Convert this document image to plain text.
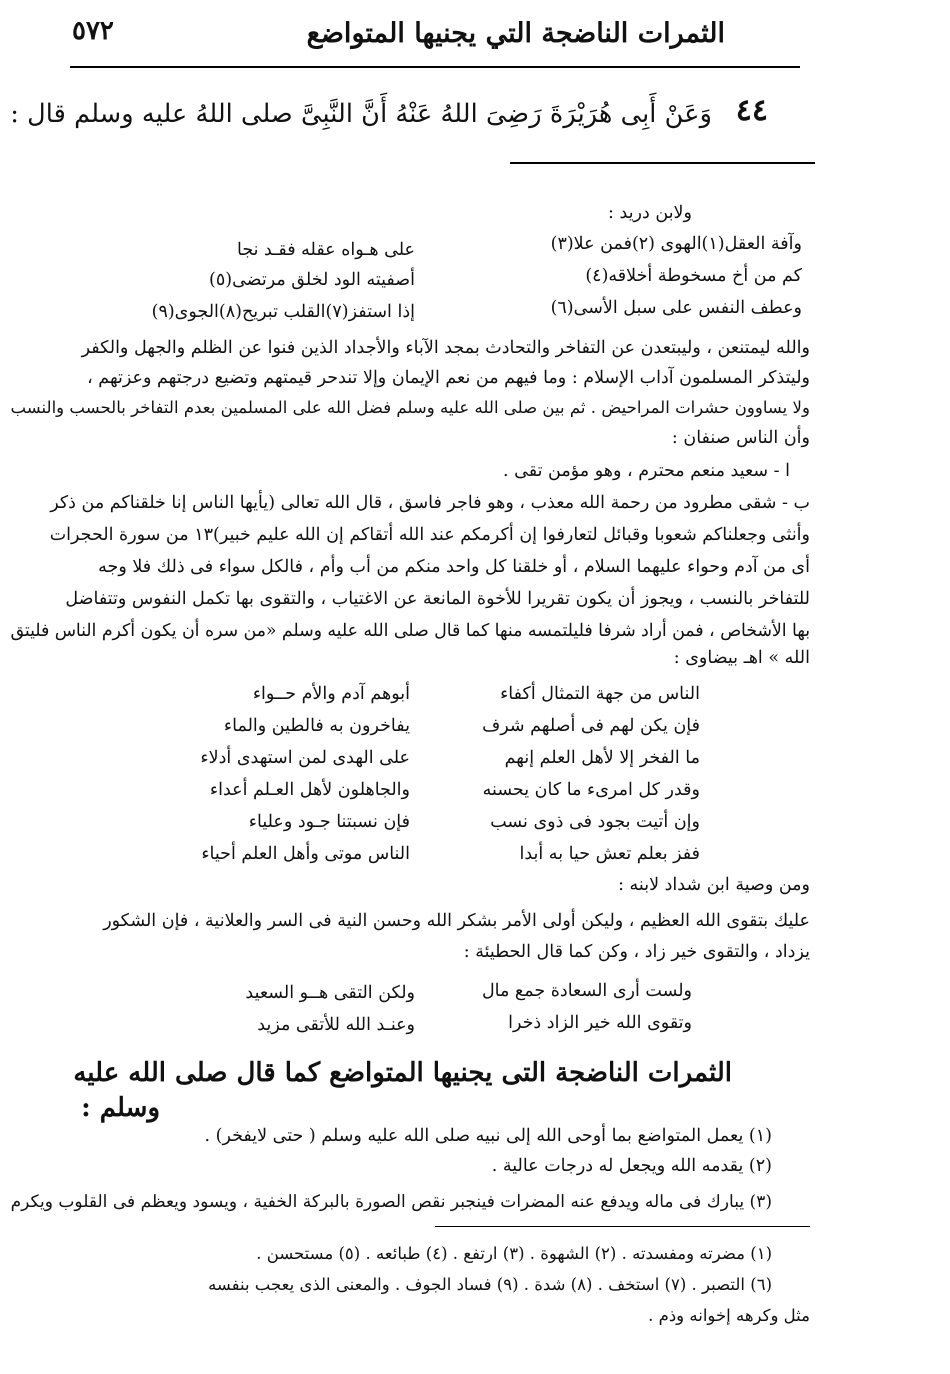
الثمرات الناضجة التي يجنيها المتواضع
٥٧٢
٤٤
وَعَنْ أَبِى هُرَيْرَةَ رَضِىَ اللهُ عَنْهُ أَنَّ النَّبِىَّ صلى اللهُ عليه وسلم قال :
ولابن دريد :
وآفة العقل(١)الهوى (٢)فمن علا(٣)
على هـواه عقله فقـد نجا
كم من أخ مسخوطة أخلاقه(٤)
أصفيته الود لخلق مرتضى(٥)
وعطف النفس على سبل الأسى(٦)
إذا استفز(٧)القلب تبريح(٨)الجوى(٩)
والله ليمتنعن ، وليبتعدن عن التفاخر والتحادث بمجد الآباء والأجداد الذين فنوا عن الظلم والجهل والكفر
وليتذكر المسلمون آداب الإسلام : وما فيهم من نعم الإيمان وإلا تندحر قيمتهم وتضيع درجتهم وعزتهم ،
ولا يساوون حشرات المراحيض . ثم بين صلى الله عليه وسلم فضل الله على المسلمين بعدم التفاخر بالحسب والنسب
وأن الناس صنفان :
ا - سعيد منعم محترم ، وهو مؤمن تقى .
ب - شقى مطرود من رحمة الله معذب ، وهو فاجر فاسق ، قال الله تعالى (يأيها الناس إنا خلقناكم من ذكر
وأنثى وجعلناكم شعوبا وقبائل لتعارفوا إن أكرمكم عند الله أتقاكم إن الله عليم خبير)١٣ من سورة الحجرات
أى من آدم وحواء عليهما السلام ، أو خلقنا كل واحد منكم من أب وأم ، فالكل سواء فى ذلك فلا وجه
للتفاخر بالنسب ، ويجوز أن يكون تقريرا للأخوة المانعة عن الاغتياب ، والتقوى بها تكمل النفوس وتتفاضل
بها الأشخاص ، فمن أراد شرفا فليلتمسه منها كما قال صلى الله عليه وسلم «من سره أن يكون أكرم الناس فليتق
الله » اهـ بيضاوى :
الناس من جهة التمثال أكفاء
أبوهم آدم والأم حــواء
فإن يكن لهم فى أصلهم شرف
يفاخرون به فالطين والماء
ما الفخر إلا لأهل العلم إنهم
على الهدى لمن استهدى أدلاء
وقدر كل امرىء ما كان يحسنه
والجاهلون لأهل العـلم أعداء
وإن أتيت بجود فى ذوى نسب
فإن نسبتنا جـود وعلياء
ففز بعلم تعش حيا به أبدا
الناس موتى وأهل العلم أحياء
ومن وصية ابن شداد لابنه :
عليك بتقوى الله العظيم ، وليكن أولى الأمر بشكر الله وحسن النية فى السر والعلانية ، فإن الشكور
يزداد ، والتقوى خير زاد ، وكن كما قال الحطيئة :
ولست أرى السعادة جمع مال
ولكن التقى هــو السعيد
وتقوى الله خير الزاد ذخرا
وعنـد الله للأتقى مزيد
الثمرات الناضجة التى يجنيها المتواضع كما قال صلى الله عليه
وسلم :
(١) يعمل المتواضع بما أوحى الله إلى نبيه صلى الله عليه وسلم ( حتى لايفخر) .
(٢) يقدمه الله ويجعل له درجات عالية .
(٣) يبارك فى ماله ويدفع عنه المضرات فينجبر نقص الصورة بالبركة الخفية ، ويسود ويعظم فى القلوب ويكرم
(١) مضرته ومفسدته . (٢) الشهوة . (٣) ارتفع . (٤) طبائعه . (٥) مستحسن .
(٦) التصبر . (٧) استخف . (٨) شدة . (٩) فساد الجوف . والمعنى الذى يعجب بنفسه
مثل وكرهه إخوانه وذم .
